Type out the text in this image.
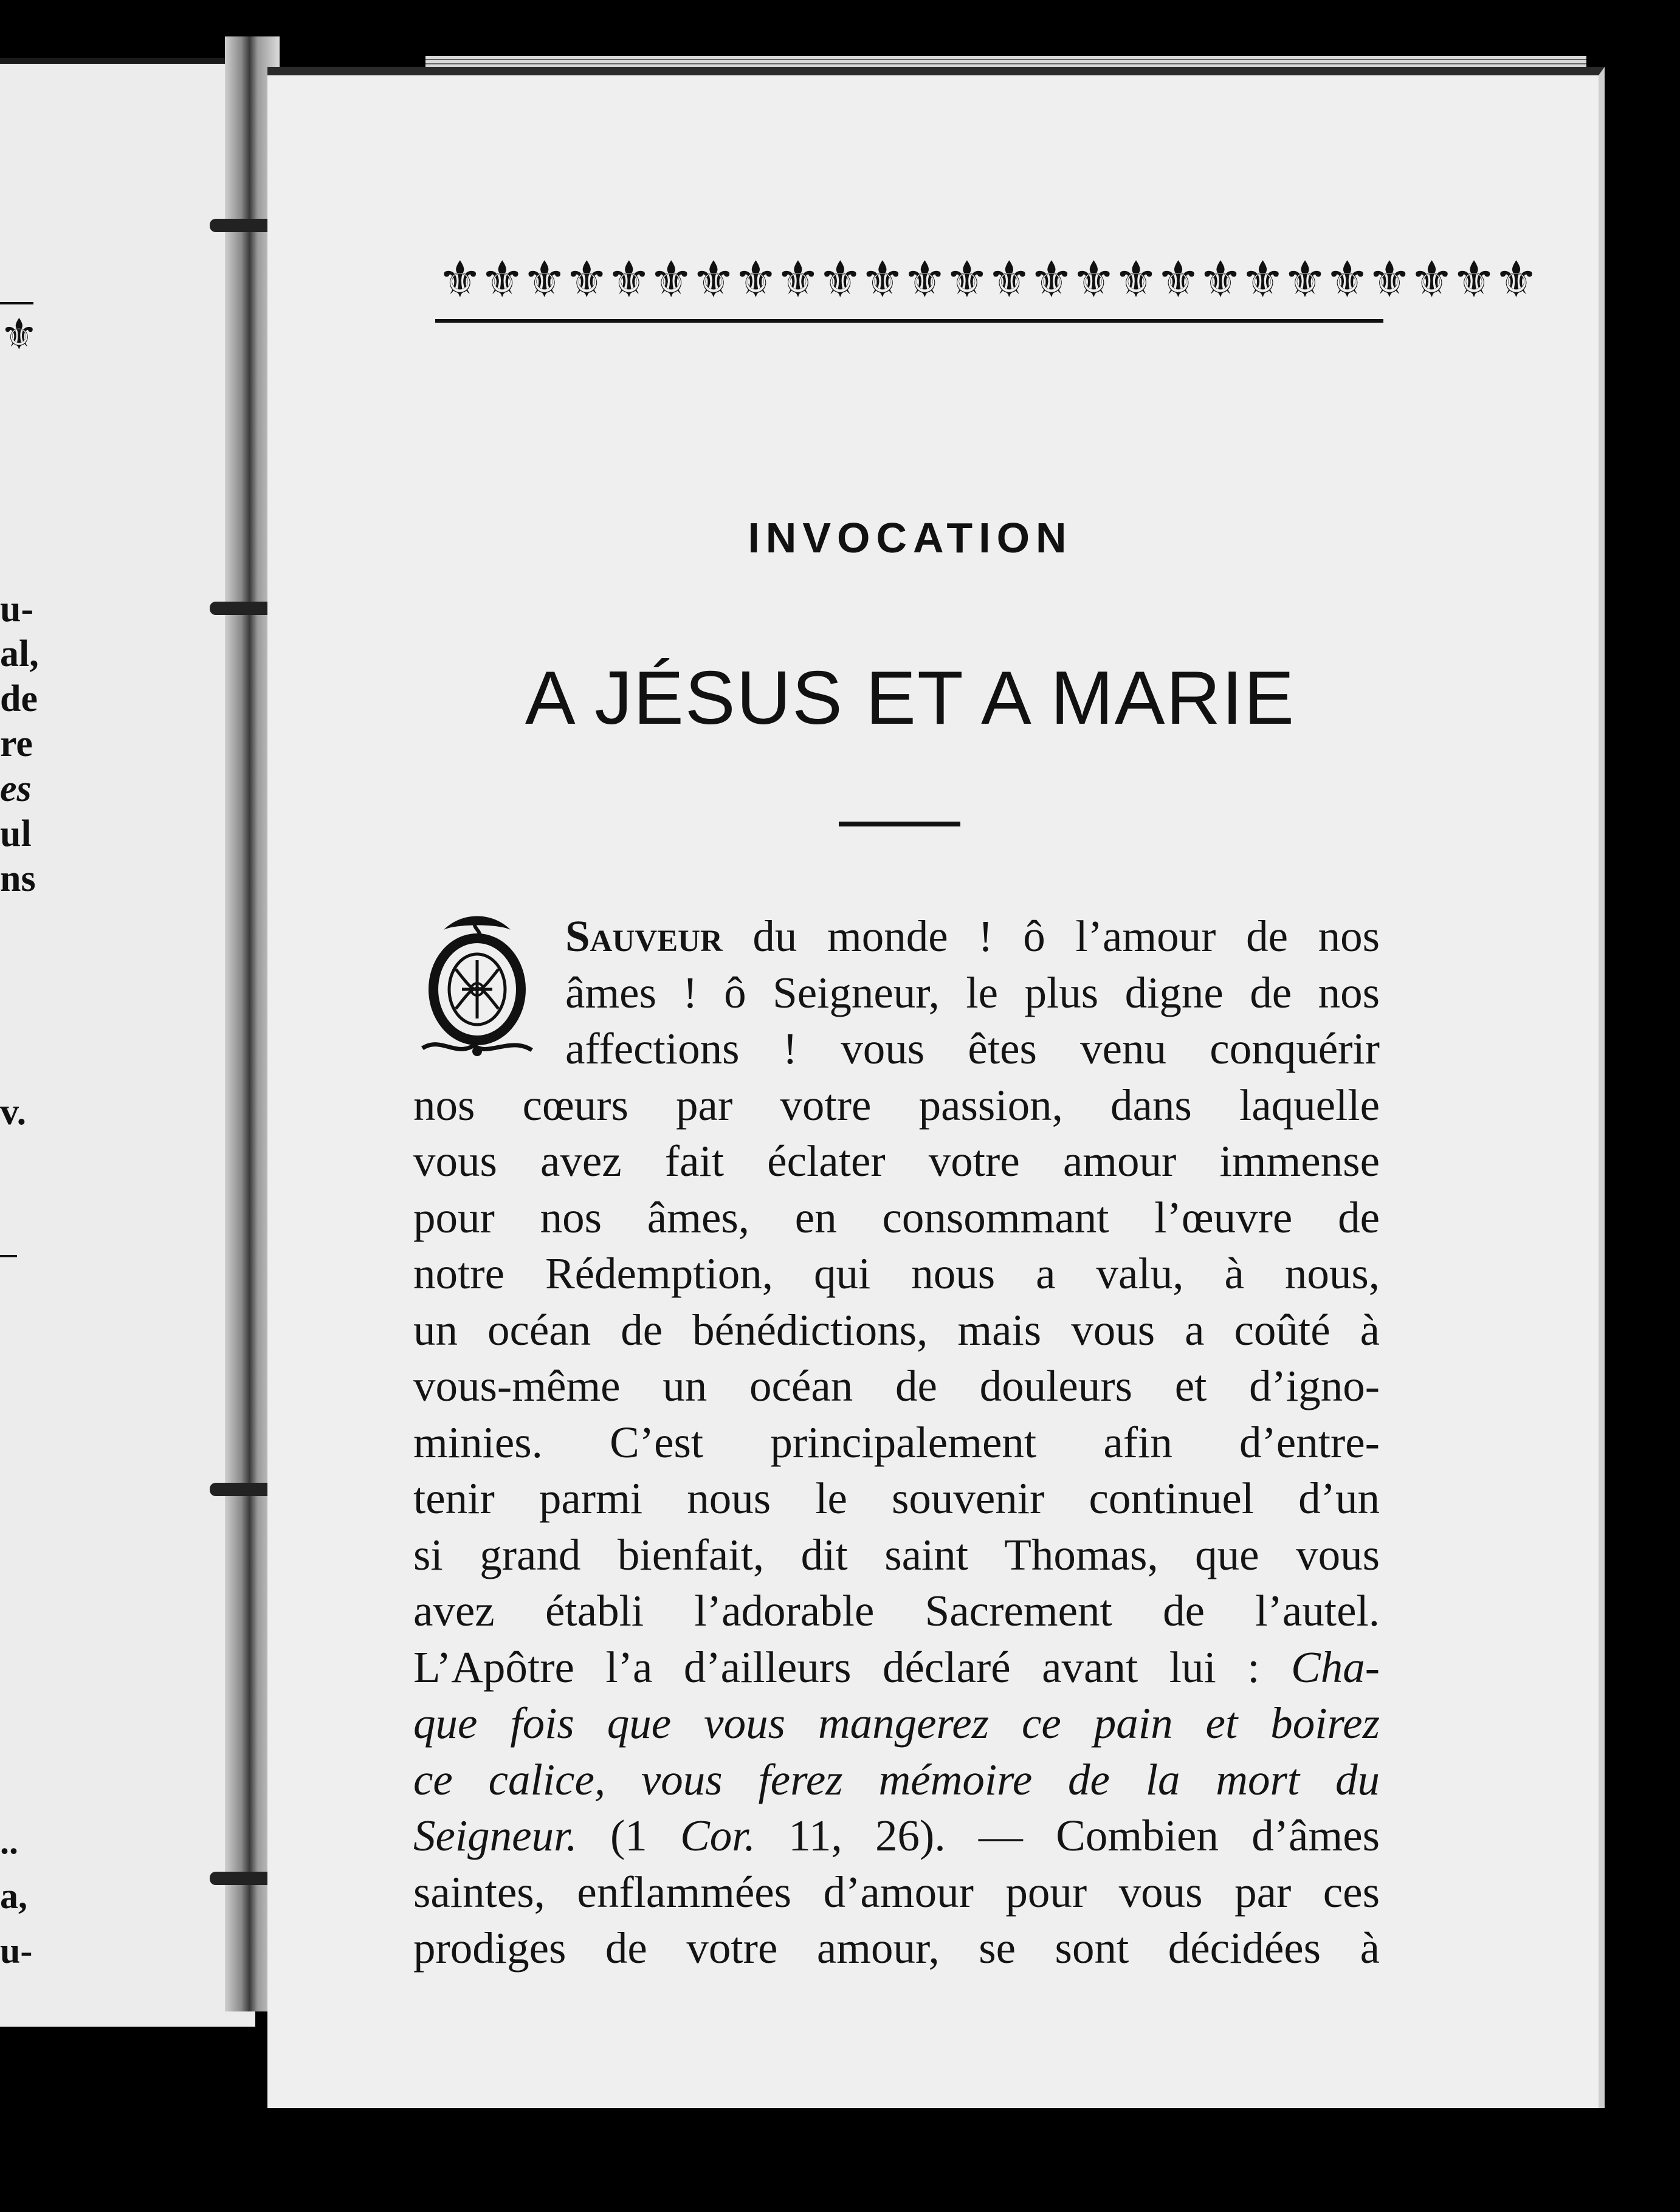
⚜
u-
al,
de
re
es
ul
ns
v.
..
a,
u-
⚜⚜⚜⚜⚜⚜⚜⚜⚜⚜⚜⚜⚜⚜⚜⚜⚜⚜⚜⚜⚜⚜⚜⚜⚜⚜
INVOCATION
A JÉSUS ET A MARIE
Sauveur du monde ! ô l’amour de nos
âmes ! ô Seigneur, le plus digne de nos
affections ! vous êtes venu conquérir
nos cœurs par votre passion, dans laquelle
vous avez fait éclater votre amour immense
pour nos âmes, en consommant l’œuvre de
notre Rédemption, qui nous a valu, à nous,
un océan de bénédictions, mais vous a coûté à
vous-même un océan de douleurs et d’igno-
minies. C’est principalement afin d’entre-
tenir parmi nous le souvenir continuel d’un
si grand bienfait, dit saint Thomas, que vous
avez établi l’adorable Sacrement de l’autel.
L’Apôtre l’a d’ailleurs déclaré avant lui : Cha-
que fois que vous mangerez ce pain et boirez
ce calice, vous ferez mémoire de la mort du
Seigneur. (1 Cor. 11, 26). — Combien d’âmes
saintes, enflammées d’amour pour vous par ces
prodiges de votre amour, se sont décidées à
